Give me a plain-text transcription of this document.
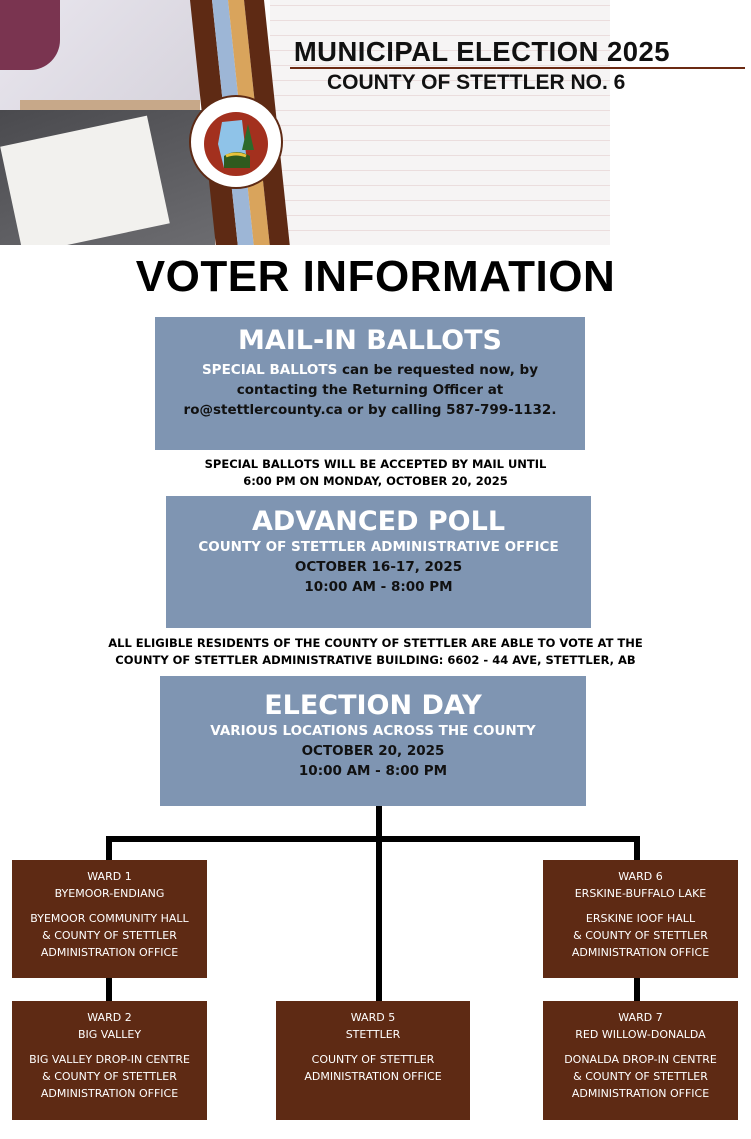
MUNICIPAL ELECTION 2025
COUNTY OF STETTLER NO. 6
VOTER INFORMATION
MAIL-IN BALLOTS
SPECIAL BALLOTS can be requested now, by
contacting the Returning Officer at
ro@stettlercounty.ca or by calling 587-799-1132.
SPECIAL BALLOTS WILL BE ACCEPTED BY MAIL UNTIL
6:00 PM ON MONDAY, OCTOBER 20, 2025
ADVANCED POLL
COUNTY OF STETTLER ADMINISTRATIVE OFFICE
OCTOBER 16-17, 2025
10:00 AM - 8:00 PM
ALL ELIGIBLE RESIDENTS OF THE COUNTY OF STETTLER ARE ABLE TO VOTE AT THE
COUNTY OF STETTLER ADMINISTRATIVE BUILDING: 6602 - 44 AVE, STETTLER, AB
ELECTION DAY
VARIOUS LOCATIONS ACROSS THE COUNTY
OCTOBER 20, 2025
10:00 AM - 8:00 PM
WARD 1
BYEMOOR-ENDIANG
BYEMOOR COMMUNITY HALL
& COUNTY OF STETTLER
ADMINISTRATION OFFICE
WARD 2
BIG VALLEY
BIG VALLEY DROP-IN CENTRE
& COUNTY OF STETTLER
ADMINISTRATION OFFICE
WARD 5
STETTLER
COUNTY OF STETTLER
ADMINISTRATION OFFICE
WARD 6
ERSKINE-BUFFALO LAKE
ERSKINE IOOF HALL
& COUNTY OF STETTLER
ADMINISTRATION OFFICE
WARD 7
RED WILLOW-DONALDA
DONALDA DROP-IN CENTRE
& COUNTY OF STETTLER
ADMINISTRATION OFFICE
